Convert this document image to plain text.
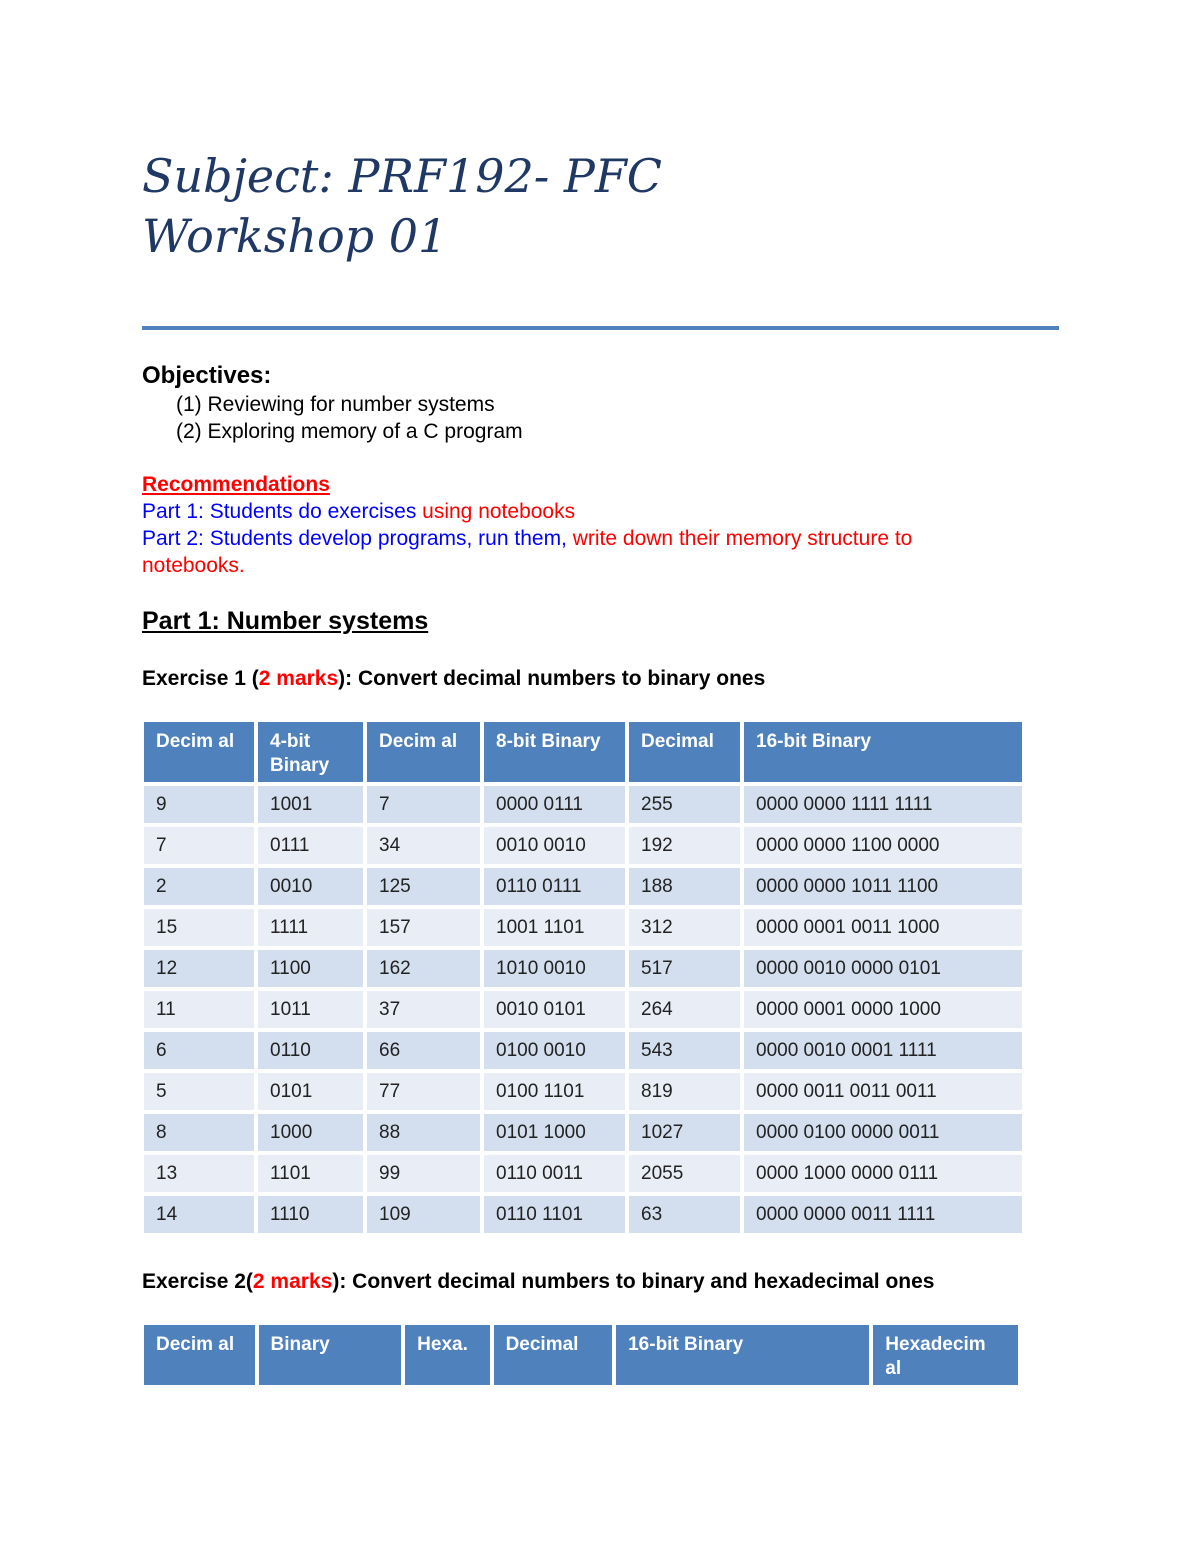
Subject: PRF192- PFC
Workshop 01
Objectives:
(1) Reviewing for number systems
(2) Exploring memory of a C program
Recommendations
Part 1: Students do exercises using notebooks
Part 2: Students develop programs, run them, write down their memory structure to
notebooks.
Part 1: Number systems
Exercise 1 (2 marks): Convert decimal numbers to binary ones
Decim al	4-bit Binary	Decim al	8-bit Binary	Decimal	16-bit Binary
9	1001	7	0000 0111	255	0000 0000 1111 1111
7	0111	34	0010 0010	192	0000 0000 1100 0000
2	0010	125	0110 0111	188	0000 0000 1011 1100
15	1111	157	1001 1101	312	0000 0001 0011 1000
12	1100	162	1010 0010	517	0000 0010 0000 0101
11	1011	37	0010 0101	264	0000 0001 0000 1000
6	0110	66	0100 0010	543	0000 0010 0001 1111
5	0101	77	0100 1101	819	0000 0011 0011 0011
8	1000	88	0101 1000	1027	0000 0100 0000 0011
13	1101	99	0110 0011	2055	0000 1000 0000 0111
14	1110	109	0110 1101	63	0000 0000 0011 1111
Exercise 2(2 marks): Convert decimal numbers to binary and hexadecimal ones
Decim al	Binary	Hexa.	Decimal	16-bit Binary	Hexadecim al
